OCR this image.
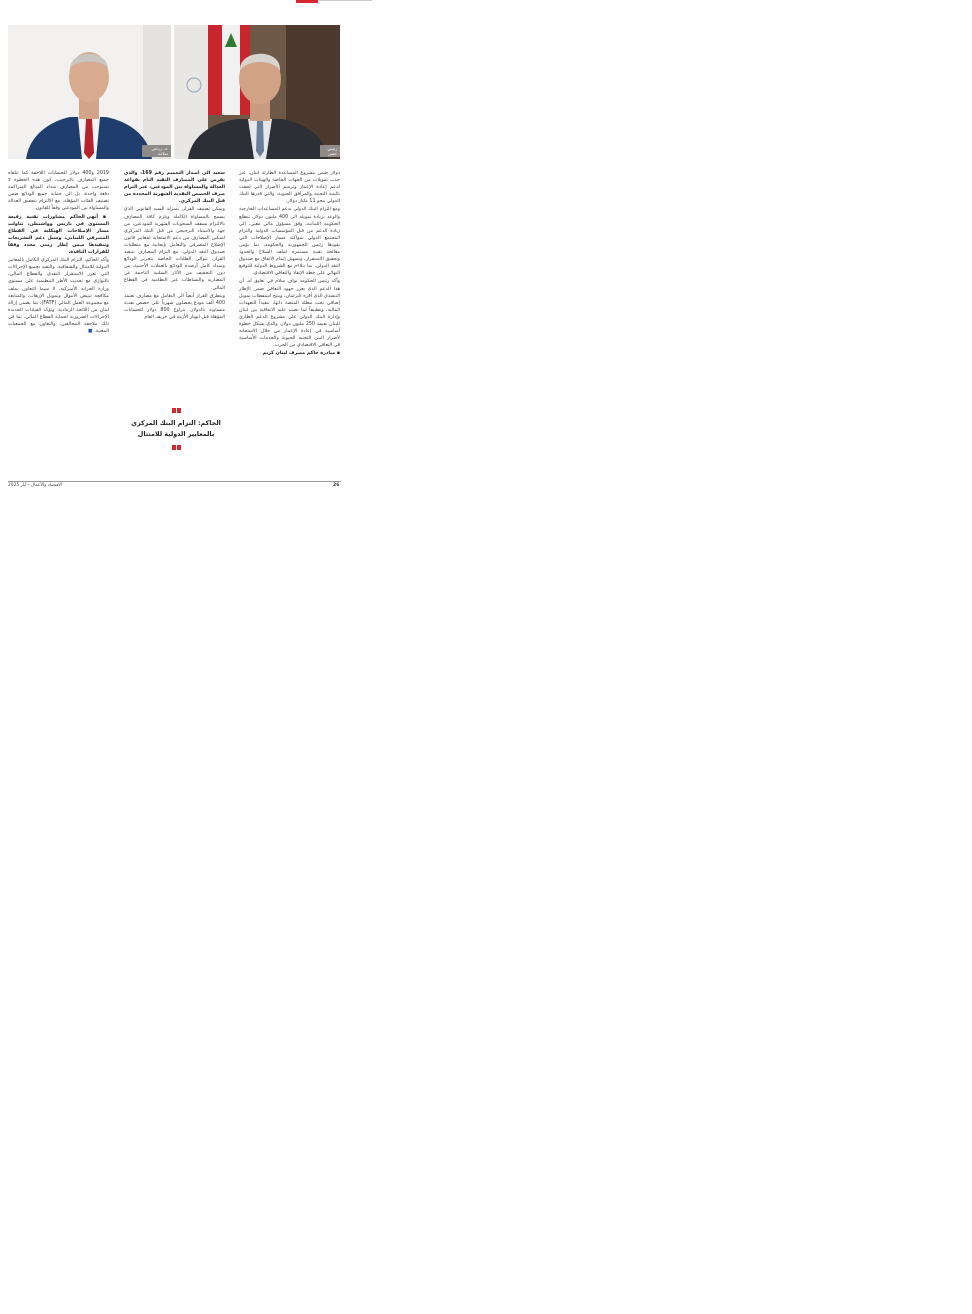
خـ. ريـاض سلامه
رئيس. حسن

دولار ضمن مشروع المساعدة الطارئة لبنان، عبر جذب تمويلات من الجهات الخاصة والهيئات الدولية لدعم إعادة الإعمار وترميم الأضرار التي لحقت بالبنية التحتية والمرافق الحيوية، والتي قدرها البنك الدولي بنحو 11 مليار دولار.

ومع التزام البنك الدولي بدعم المساعدات الخارجية والوعد بزيادة تمويله الى 400 مليون دولار، تتطلع الحكومة اللبنانية، وفق مسؤول مالي معني، الى زيادة الدعم من قبل المؤسسات الدولية والتزام المجتمع الدولي بمواكبة مسار الإصلاحات التي يقودها رئيس الجمهورية والحكومة، بما يؤمن معالجة تقنية مستمرة لملف السلاح والحدود وتحقيق الاستقرار، وتسهيل إتمام الاتفاق مع صندوق النقد الدولي، بما يتلاءم مع الشروط الدولية للتوقيع النهائي على خطة الإنقاذ والتعافي الاقتصادي.

وأكد رئيس الحكومة نواف سلام في تعليق له، أن هذا الدعم الذي يعزز جهود التعافي ضمن الإطار التنفيذي الذي أقره البرلمان، ويتيح استقطاب تمويل إضافي تحت مظلة المنصة ذاتها، تنفيذاً للتعهدات المالية، وتطبيقاً لما نصت عليه الاتفاقية بين لبنان وإدارة البنك الدولي على مشروع الدعم الطارئ للبنان بقيمة 250 مليون دولار، والذي يشكل خطوة أساسية في إعادة الإعمار من خلال الاستجابة لأضرار البنى التحتية الحيوية والخدمات الأساسية في التعافي الاقتصادي من الحرب.

▪ مبادرة حاكم مصرف لبنان كريم

سعيد الى اصدار التعميم رقم 169، والذي يفرض على المصارف التقيد التام بقواعد العدالة والمساواة بين المودعين، عبر التزام صرف الحصص النقدية الشهرية المحددة من قبل البنك المركزي.

ويمكن تصنيف القرار، بمنزلة السند القانوني الذي يسمح بالمساواة الكاملة ويلزم كافة المصارف بالالتزام بسقف السحوبات الشهرية للمودعين، من جهة والاستناد الترجيحي من قبل البنك المركزي لتمكين المصارف من دعم الاستجابة لمعايير قانون الإصلاح المصرفي والتعامل بإيجابية مع متطلبات صندوق النقد الدولي. مع التزام المصارف بتنفيذ القرار، تتوالى الطلبات الخاصة بتحرير الودائع وسداد كامل أرصدة الودائع بالعملات الأجنبية، من دون التخفيف من الآثار السلبية الناجمة عن المضاربة والنشاطات غير النظامية في القطاع المالي.

ويتطرق القرار أيضاً الى التعامل مع مصارف تعتمد 400 ألف مودع يحصلون شهرياً على حصص نقدية متساوية بالدولار، يتراوح 800 دولار للحسابات المؤهلة قبل انهيار الأزمة في خريف العام

الحاكم: التزام البنك المركزي بالمعايير الدولية للامتثال

2019 و400 دولار للحسابات اللاحقة كما تتلقاه جميع المصارف بالترحيب، كون هذه الخطوة لا تستوجب من المصارف سداد المبالغ المتراكمة دفعة واحدة، بل الى حماية جميع الودائع ضمن تصنيف الفئات المؤهلة، مع الالتزام بتحقيق العدالة والمساواة بين المودعين وفقاً للقانون.

▪ أنهى الحاكم مشاورات تقنية رفيعة المستوى في باريس وواشنطن، تناولت مسار الإصلاحات الهيكلية في القطاع المصرفي اللبناني، وسبل دعم التشريعات وتنفيذها ضمن إطار زمني محدد وفقاً للقرارات النافذة.

وأكد الحاكم، التزام البنك المركزي الكامل بالمعايير الدولية للامتثال والشفافية، والتقيد بجميع الإجراءات التي تعزز الاستقرار النقدي والقطاع المالي، بالتوازي مع تحديث الأطر التنظيمية على مستوى وزارة الخزانة الأميركية، لا سيما التعاون بملف مكافحة تبييض الأموال وتمويل الإرهاب، والمتابعة مع مجموعة العمل المالي (FATF)، بما يضمن إزالة لبنان من اللائحة الرمادية. وتؤكد القيادات الجديدة الإجراءات الضرورية لحماية القطاع المالي، بما في ذلك ملاحقة المخالفين، والتعاون مع الجمعيات المعنية. ■

الاقتصاد والأعمال - أيار 2025	26
